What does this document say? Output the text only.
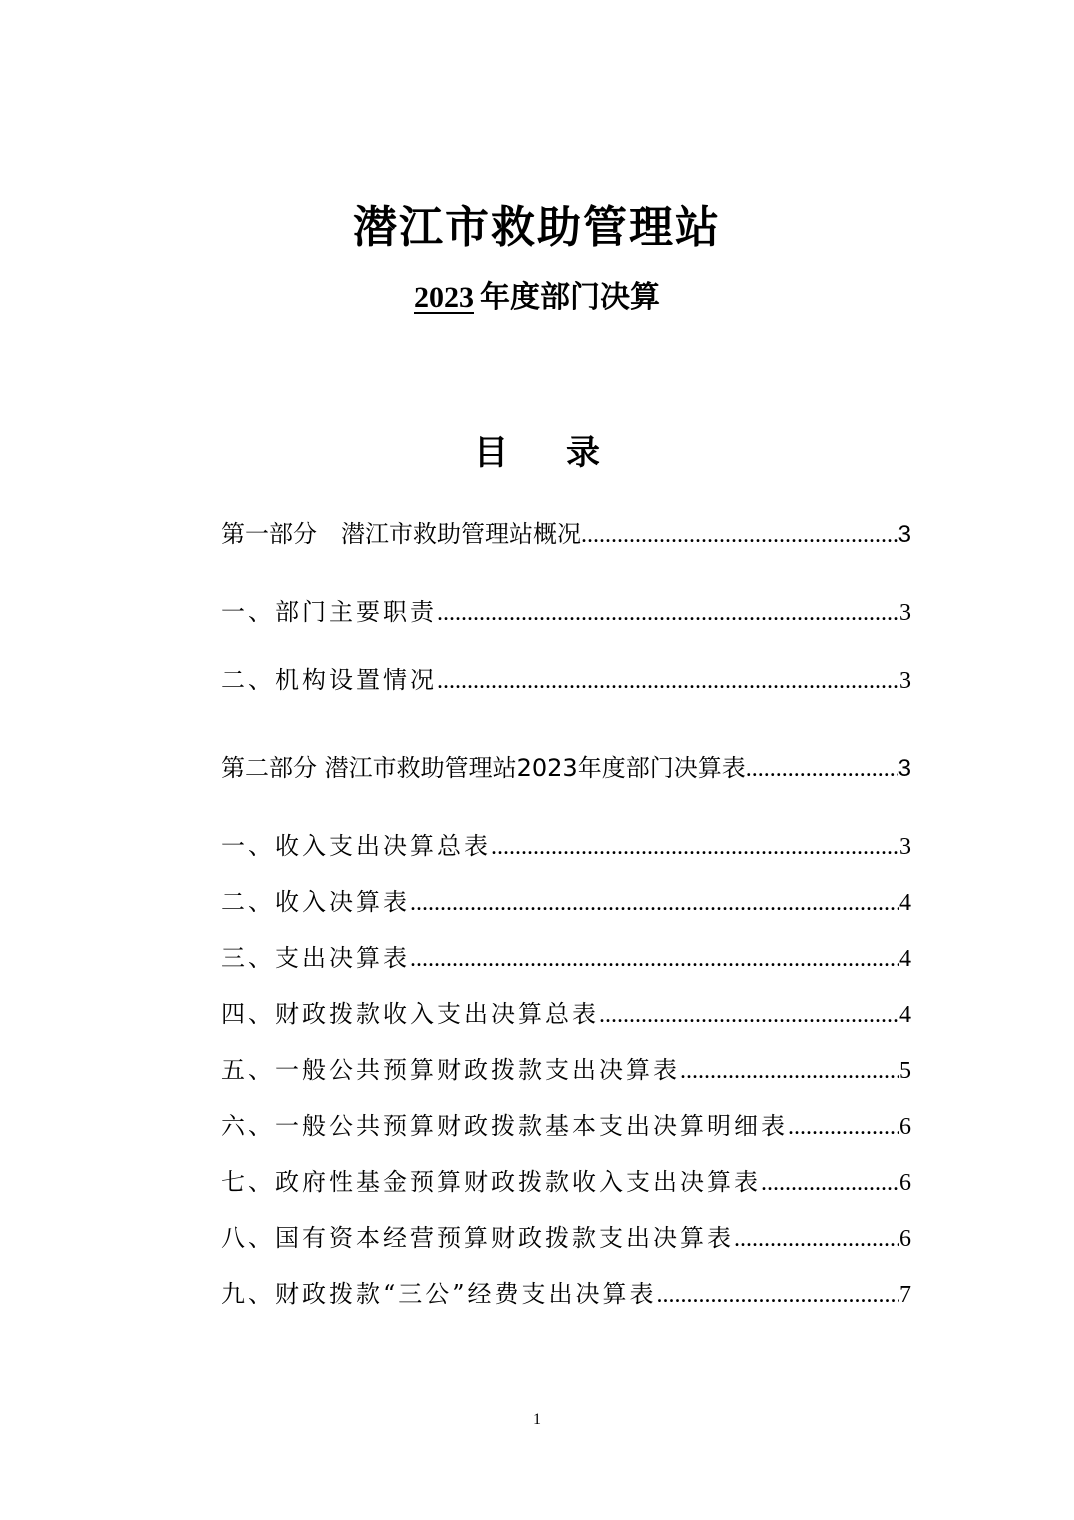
潜江市救助管理站
2023 年度部门决算
目录
第一部分　潜江市救助管理站概况 .....	3
一、部门主要职责 .....	3
二、机构设置情况 .....	3
第二部分 潜江市救助管理站2023年度部门决算表 .....	3
一、收入支出决算总表 .....	3
二、收入决算表 .....	4
三、支出决算表 .....	4
四、财政拨款收入支出决算总表 .....	4
五、一般公共预算财政拨款支出决算表 .....	5
六、一般公共预算财政拨款基本支出决算明细表 .....	6
七、政府性基金预算财政拨款收入支出决算表 .....	6
八、国有资本经营预算财政拨款支出决算表 .....	6
九、财政拨款“三公”经费支出决算表 .....	7
1
